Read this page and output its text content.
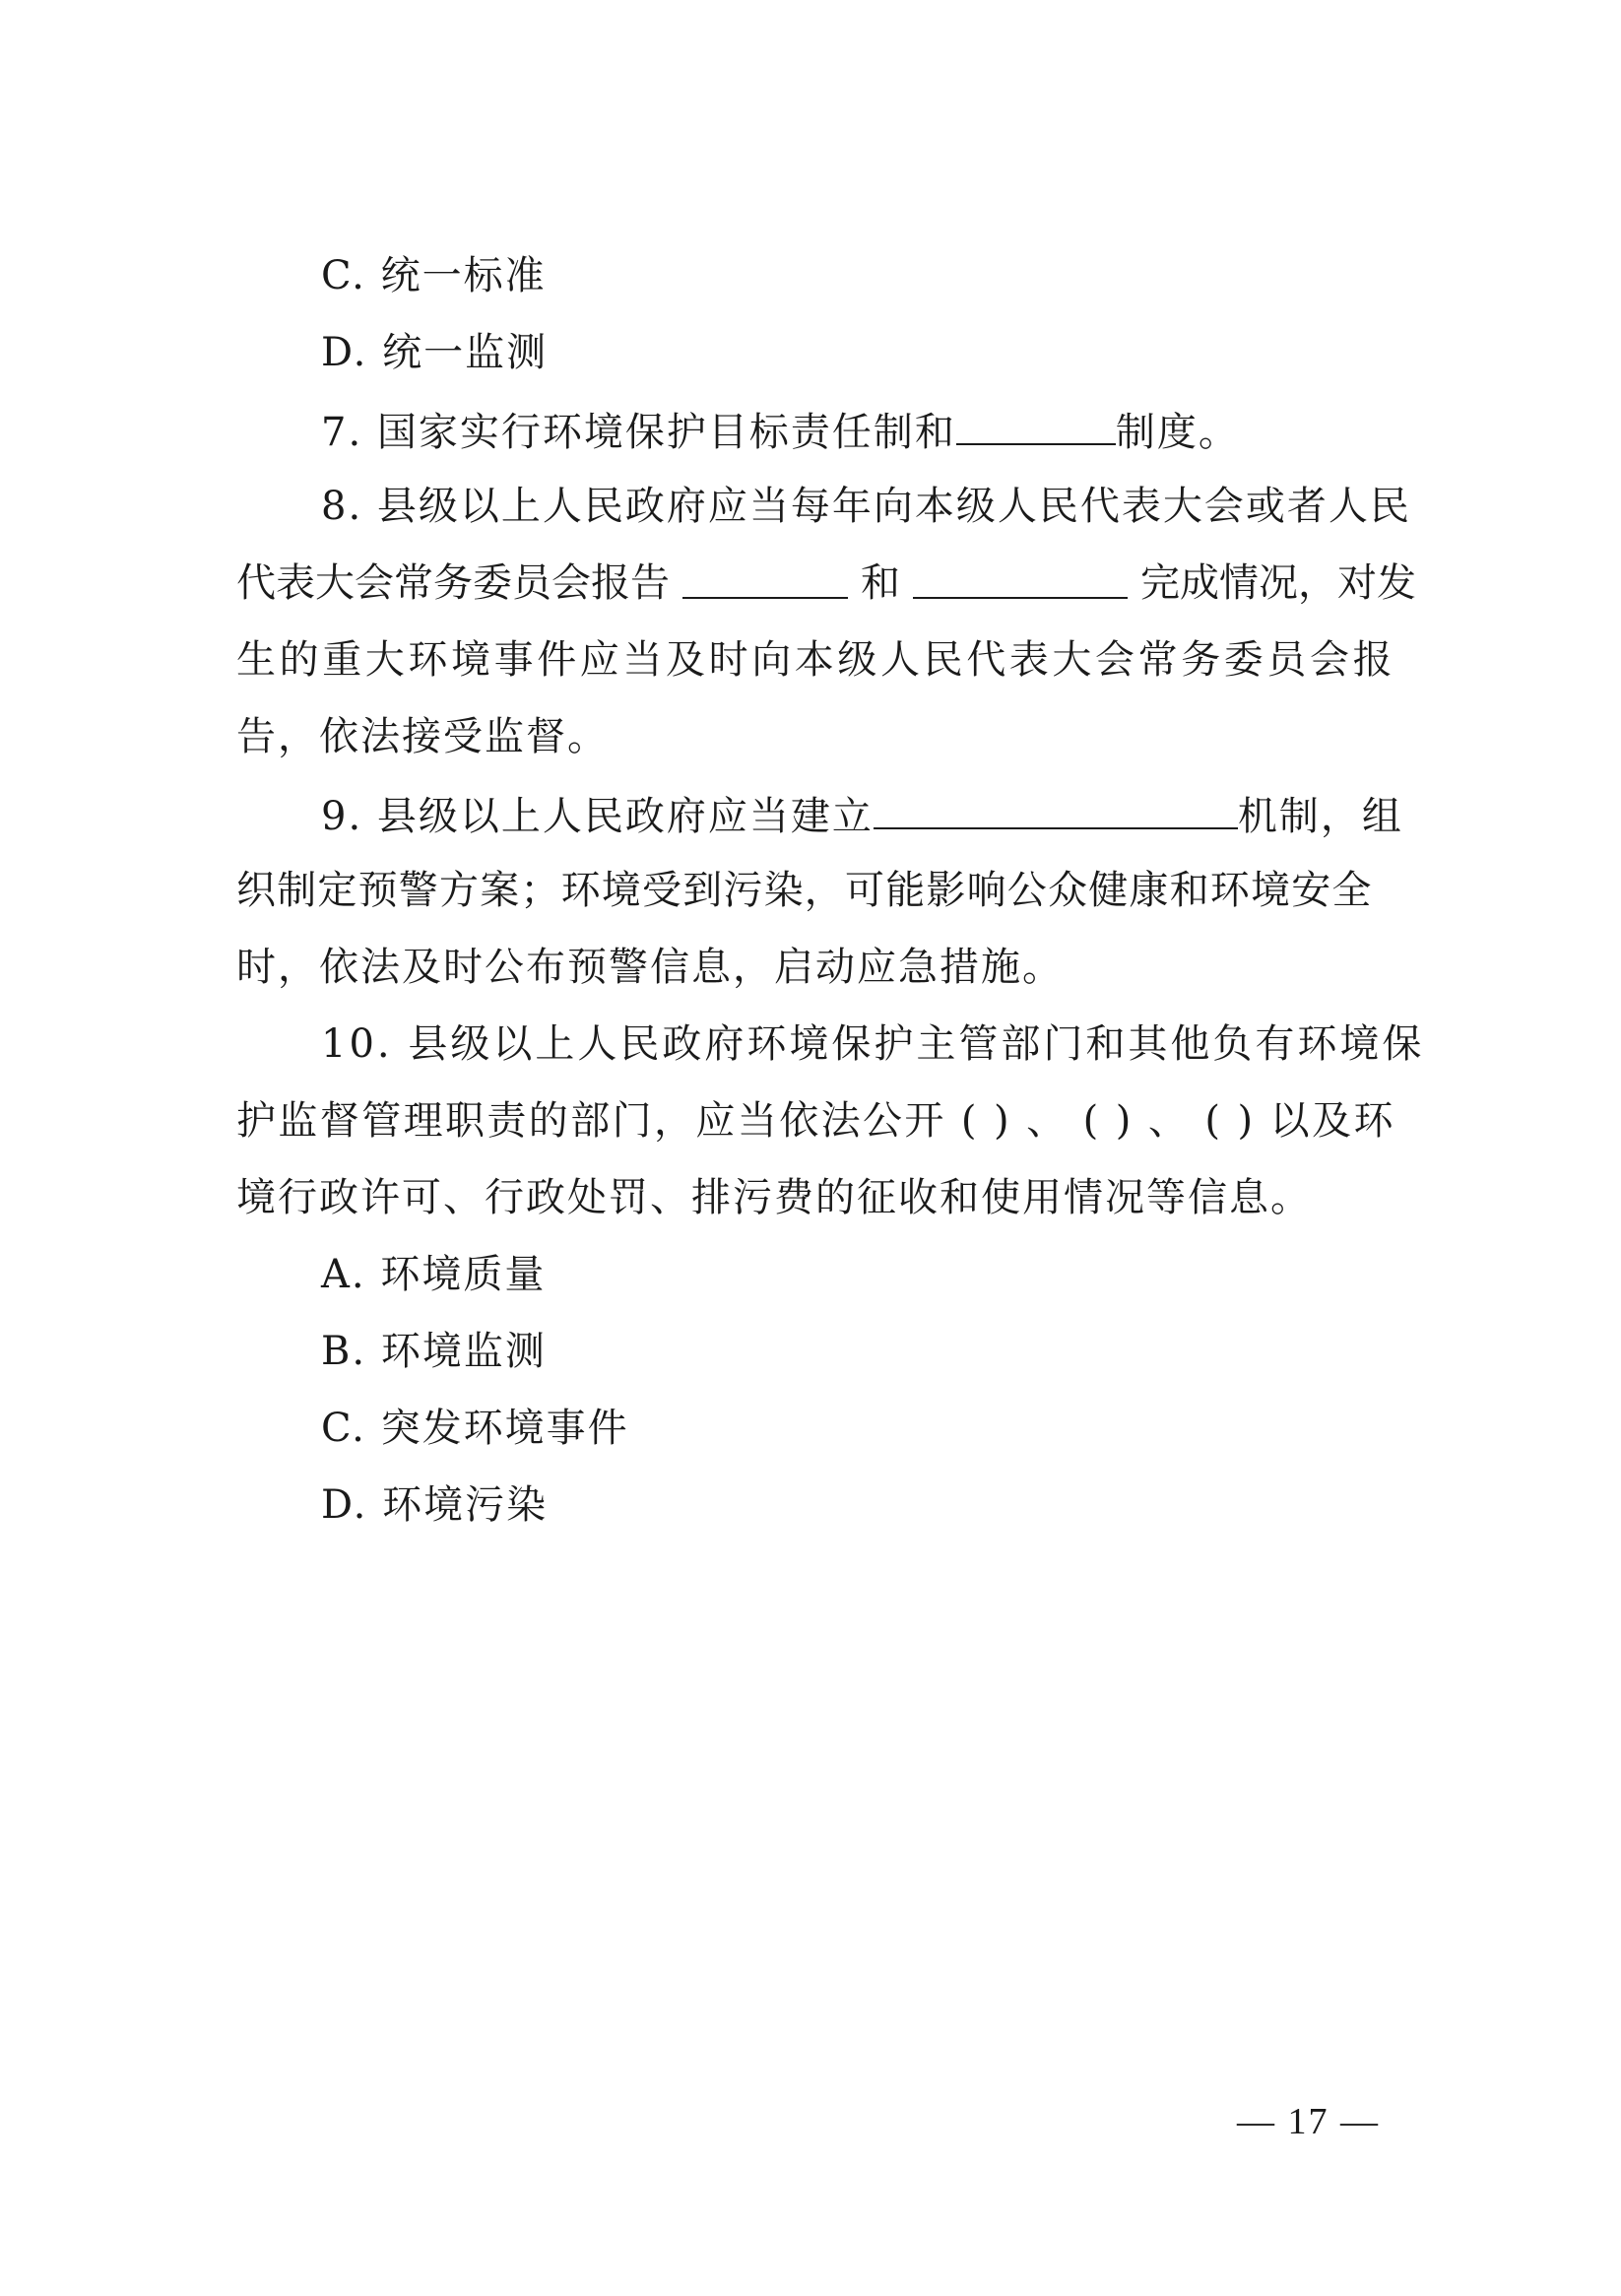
C. 统一标准
D. 统一监测
7. 国家实行环境保护目标责任制和	制度。
8. 县级以上人民政府应当每年向本级人民代表大会或者人民
代表大会常务委员会报告	和	完成情况，对发
生的重大环境事件应当及时向本级人民代表大会常务委员会报
告，依法接受监督。
9. 县级以上人民政府应当建立	机制，组
织制定预警方案；环境受到污染，可能影响公众健康和环境安全
时，依法及时公布预警信息，启动应急措施。
10. 县级以上人民政府环境保护主管部门和其他负有环境保
护监督管理职责的部门，应当依法公开 ( ) 、 ( ) 、 ( ) 以及环
境行政许可、行政处罚、排污费的征收和使用情况等信息。
A. 环境质量
B. 环境监测
C. 突发环境事件
D. 环境污染
— 17 —
